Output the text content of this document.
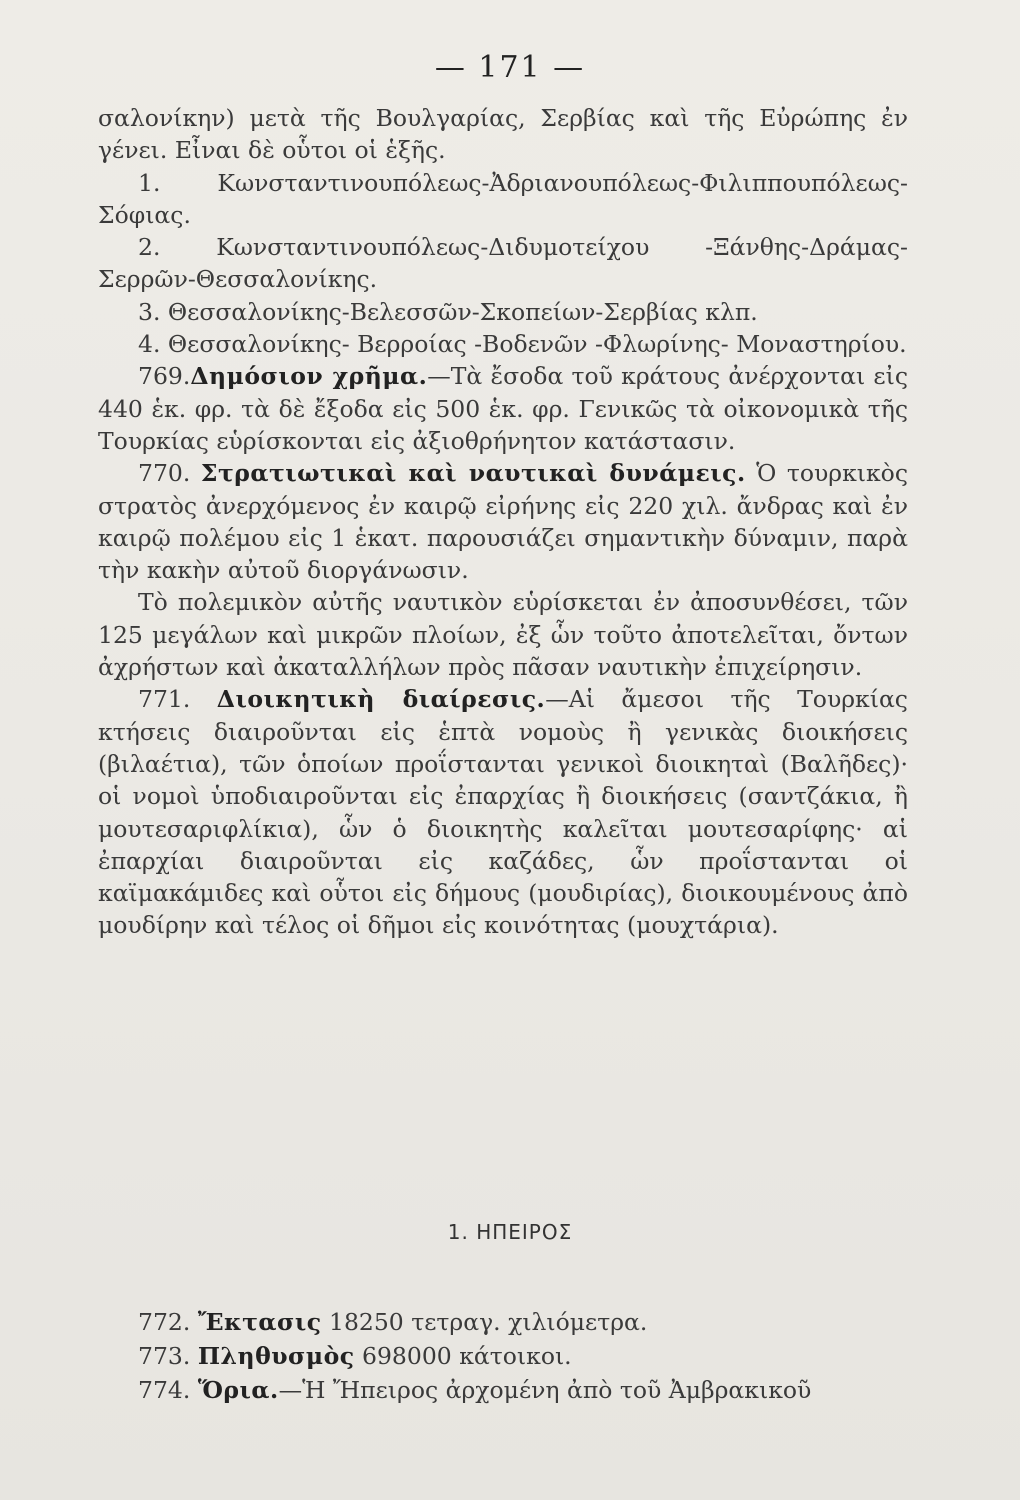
— 171 —

σαλονίκην) μετὰ τῆς Βουλγαρίας, Σερβίας καὶ τῆς Εὐρώπης ἐν γένει. Εἶναι δὲ οὗτοι οἱ ἑξῆς.

1. Κωνσταντινουπόλεως-Ἀδριανουπόλεως-Φιλιππουπόλεως-Σόφιας.

2. Κωνσταντινουπόλεως-Διδυμοτείχου -Ξάνθης-Δράμας-Σερρῶν-Θεσσαλονίκης.

3. Θεσσαλονίκης-Βελεσσῶν-Σκοπείων-Σερβίας κλπ.

4. Θεσσαλονίκης- Βερροίας -Βοδενῶν -Φλωρίνης- Μοναστηρίου.

769.Δημόσιον χρῆμα.—Τὰ ἔσοδα τοῦ κράτους ἀνέρχονται εἰς 440 ἑκ. φρ. τὰ δὲ ἔξοδα εἰς 500 ἑκ. φρ. Γενικῶς τὰ οἰκονομικὰ τῆς Τουρκίας εὑρίσκονται εἰς ἀξιοθρήνητον κατάστασιν.

770. Στρατιωτικαὶ καὶ ναυτικαὶ δυνάμεις. Ὁ τουρκικὸς στρατὸς ἀνερχόμενος ἐν καιρῷ εἰρήνης εἰς 220 χιλ. ἄνδρας καὶ ἐν καιρῷ πολέμου εἰς 1 ἑκατ. παρουσιάζει σημαντικὴν δύναμιν, παρὰ τὴν κακὴν αὐτοῦ διοργάνωσιν.

Τὸ πολεμικὸν αὐτῆς ναυτικὸν εὑρίσκεται ἐν ἀποσυνθέσει, τῶν 125 μεγάλων καὶ μικρῶν πλοίων, ἐξ ὧν τοῦτο ἀποτελεῖται, ὄντων ἀχρήστων καὶ ἀκαταλλήλων πρὸς πᾶσαν ναυτικὴν ἐπιχείρησιν.

771. Διοικητικὴ διαίρεσις.—Αἱ ἄμεσοι τῆς Τουρκίας κτήσεις διαιροῦνται εἰς ἑπτὰ νομοὺς ἢ γενικὰς διοικήσεις (βιλαέτια), τῶν ὁποίων προΐστανται γενικοὶ διοικηταὶ (Βαλῆδες)· οἱ νομοὶ ὑποδιαιροῦνται εἰς ἐπαρχίας ἢ διοικήσεις (σαντζάκια, ἢ μουτεσαριφλίκια), ὧν ὁ διοικητὴς καλεῖται μουτεσαρίφης· αἱ ἐπαρχίαι διαιροῦνται εἰς καζάδες, ὧν προΐστανται οἱ καϊμακάμιδες καὶ οὗτοι εἰς δήμους (μουδιρίας), διοικουμένους ἀπὸ μουδίρην καὶ τέλος οἱ δῆμοι εἰς κοινότητας (μουχτάρια).

1. ΗΠΕΙΡΟΣ

772. Ἔκτασις 18250 τετραγ. χιλιόμετρα.

773. Πληθυσμὸς 698000 κάτοικοι.

774. Ὅρια.—Ἡ Ἤπειρος ἀρχομένη ἀπὸ τοῦ Ἀμβρακικοῦ
